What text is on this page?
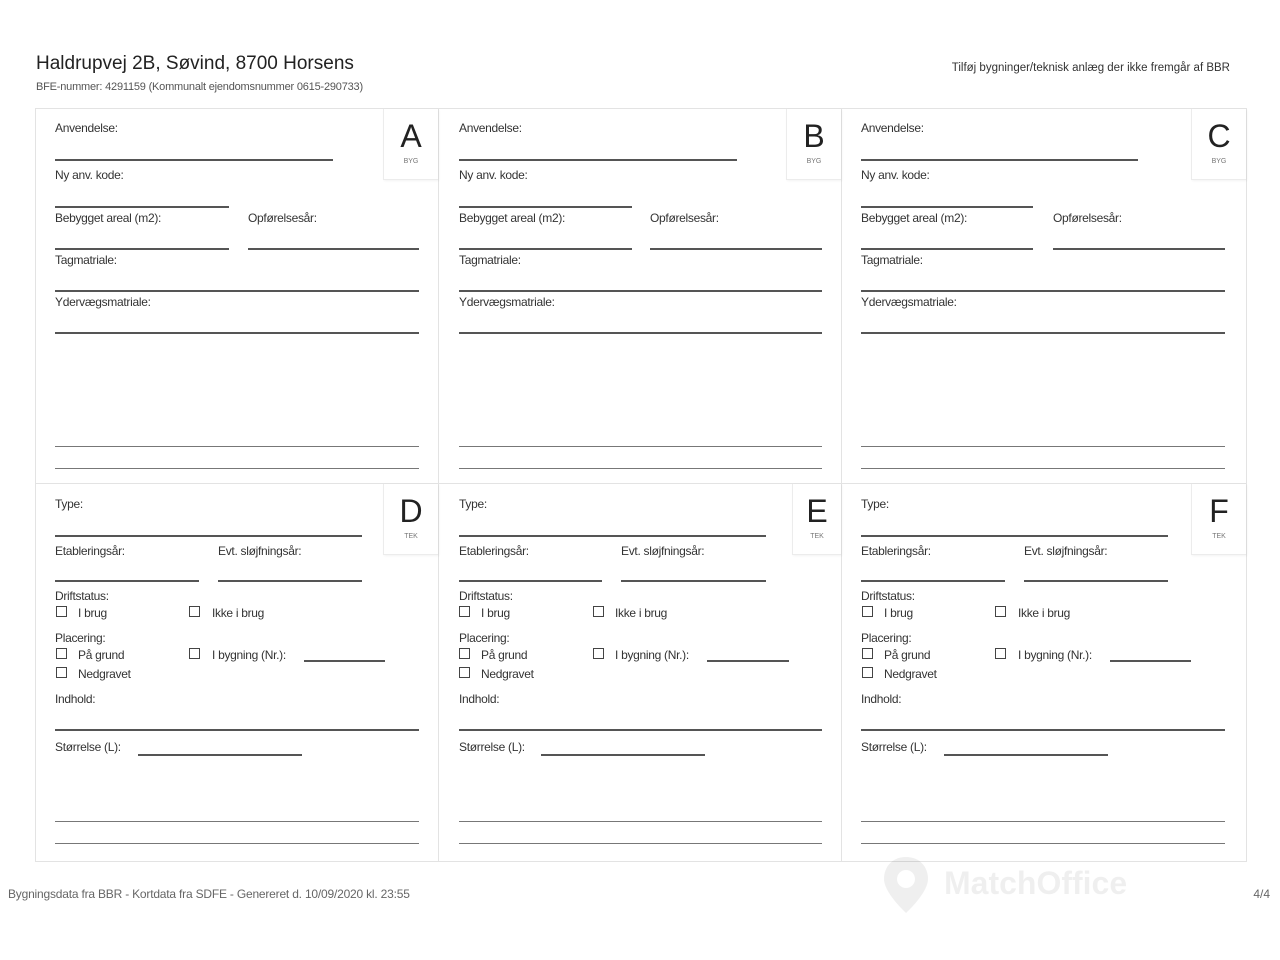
Haldrupvej 2B, Søvind, 8700 Horsens
BFE-nummer: 4291159 (Kommunalt ejendomsnummer 0615-290733)
Tilføj bygninger/teknisk anlæg der ikke fremgår af BBR
Anvendelse:
Ny anv. kode:
Bebygget areal (m2):	Opførelsesår:
Tagmatriale:
Ydervægsmatriale:
A
BYG
Anvendelse:
Ny anv. kode:
Bebygget areal (m2):	Opførelsesår:
Tagmatriale:
Ydervægsmatriale:
B
BYG
Anvendelse:
Ny anv. kode:
Bebygget areal (m2):	Opførelsesår:
Tagmatriale:
Ydervægsmatriale:
C
BYG
Type:
Etableringsår:	Evt. sløjfningsår:
Driftstatus:
I brug	Ikke i brug
Placering:
På grund	I bygning (Nr.):
Nedgravet
Indhold:
Størrelse (L):
D
TEK
Type:
Etableringsår:	Evt. sløjfningsår:
Driftstatus:
I brug	Ikke i brug
Placering:
På grund	I bygning (Nr.):
Nedgravet
Indhold:
Størrelse (L):
E
TEK
Type:
Etableringsår:	Evt. sløjfningsår:
Driftstatus:
I brug	Ikke i brug
Placering:
På grund	I bygning (Nr.):
Nedgravet
Indhold:
Størrelse (L):
F
TEK
MatchOffice
Bygningsdata fra BBR - Kortdata fra SDFE - Genereret d. 10/09/2020 kl. 23:55	4/4
